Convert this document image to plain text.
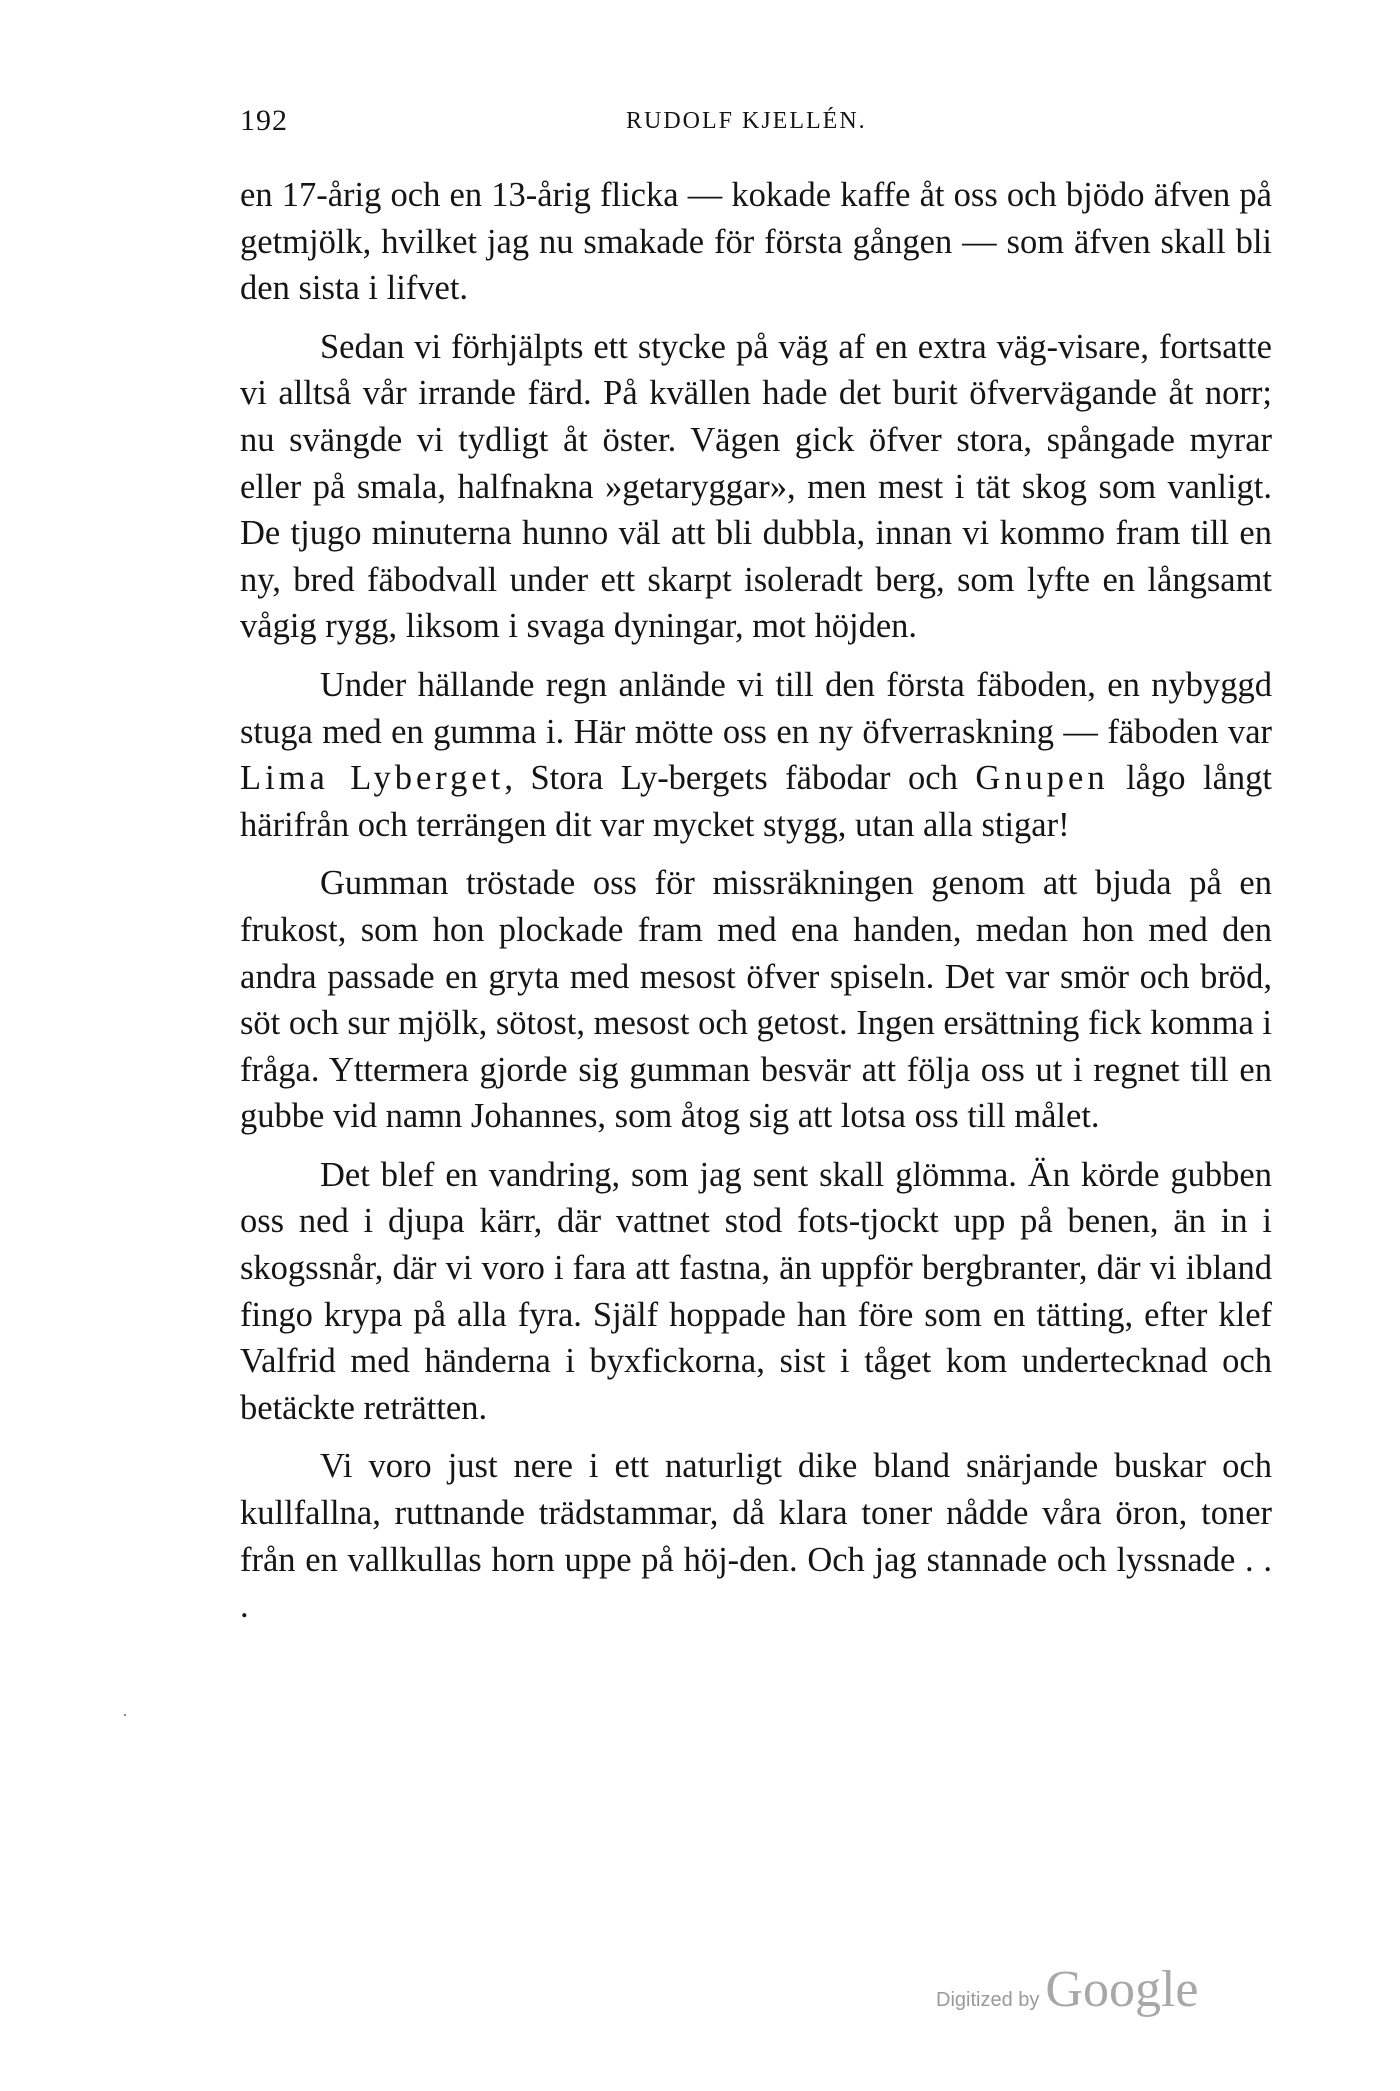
192	RUDOLF KJELLÉN.

en 17-årig och en 13-årig flicka — kokade kaffe åt oss och bjödo äfven på getmjölk, hvilket jag nu smakade för första gången — som äfven skall bli den sista i lifvet.

Sedan vi förhjälpts ett stycke på väg af en extra väg-visare, fortsatte vi alltså vår irrande färd. På kvällen hade det burit öfvervägande åt norr; nu svängde vi tydligt åt öster. Vägen gick öfver stora, spångade myrar eller på smala, halfnakna »getaryggar», men mest i tät skog som vanligt. De tjugo minuterna hunno väl att bli dubbla, innan vi kommo fram till en ny, bred fäbodvall under ett skarpt isoleradt berg, som lyfte en långsamt vågig rygg, liksom i svaga dyningar, mot höjden.

Under hällande regn anlände vi till den första fäboden, en nybyggd stuga med en gumma i. Här mötte oss en ny öfverraskning — fäboden var Lima Lyberget, Stora Ly-bergets fäbodar och Gnupen lågo långt härifrån och terrängen dit var mycket stygg, utan alla stigar!

Gumman tröstade oss för missräkningen genom att bjuda på en frukost, som hon plockade fram med ena handen, medan hon med den andra passade en gryta med mesost öfver spiseln. Det var smör och bröd, söt och sur mjölk, sötost, mesost och getost. Ingen ersättning fick komma i fråga. Yttermera gjorde sig gumman besvär att följa oss ut i regnet till en gubbe vid namn Johannes, som åtog sig att lotsa oss till målet.

Det blef en vandring, som jag sent skall glömma. Än körde gubben oss ned i djupa kärr, där vattnet stod fots-tjockt upp på benen, än in i skogssnår, där vi voro i fara att fastna, än uppför bergbranter, där vi ibland fingo krypa på alla fyra. Själf hoppade han före som en tätting, efter klef Valfrid med händerna i byxfickorna, sist i tåget kom undertecknad och betäckte reträtten.

Vi voro just nere i ett naturligt dike bland snärjande buskar och kullfallna, ruttnande trädstammar, då klara toner nådde våra öron, toner från en vallkullas horn uppe på höj-den. Och jag stannade och lyssnade . . .

Digitized by Google
